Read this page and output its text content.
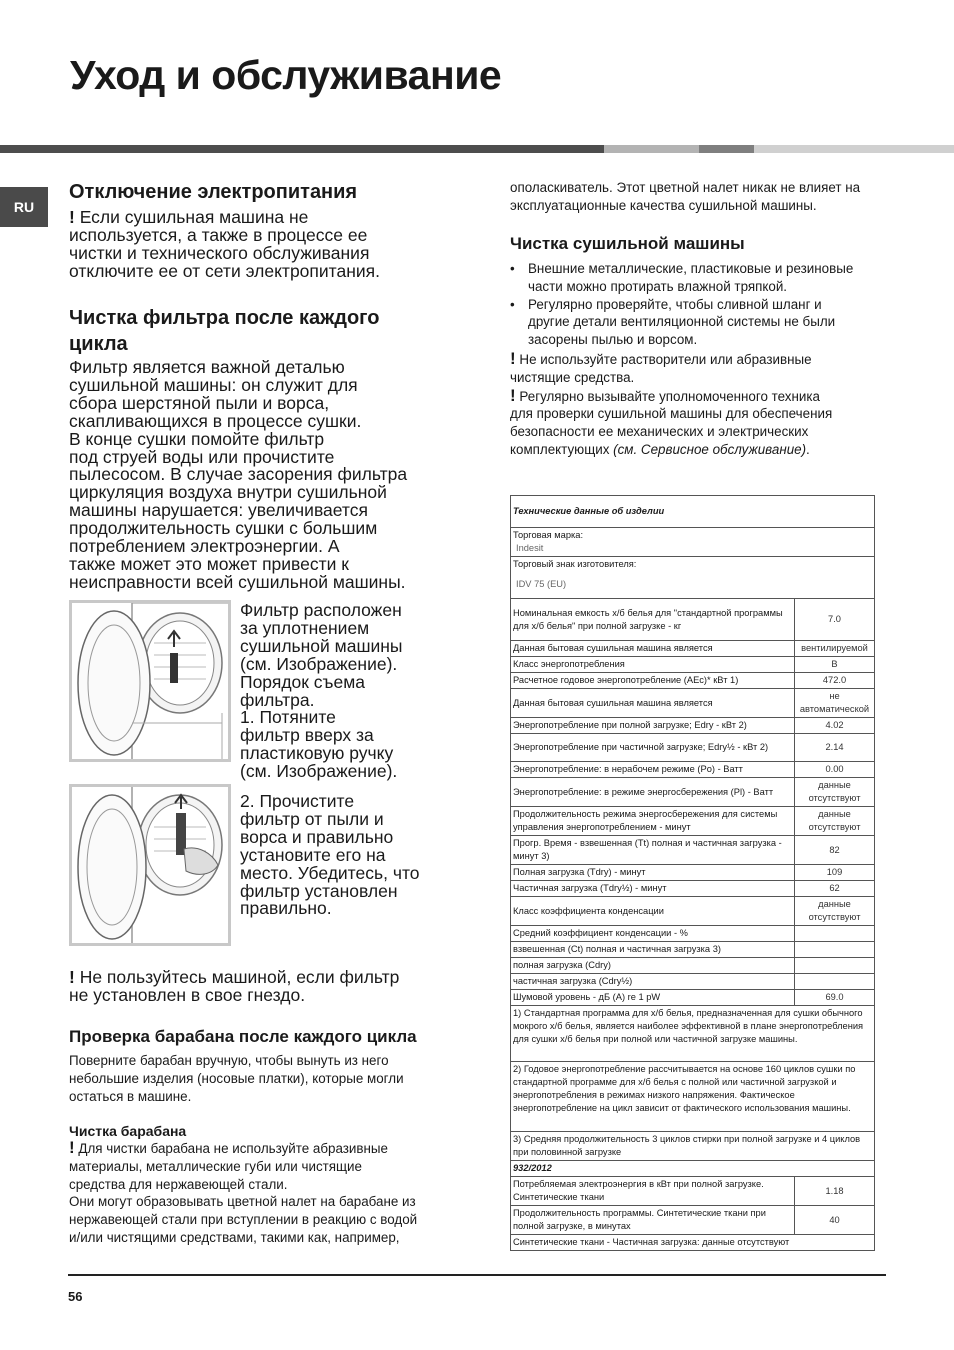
Уход и обслуживание
RU
Отключение электропитания
! Если сушильная машина не
используется, а также в процессе ее
чистки и технического обслуживания
отключите ее от сети электропитания.
Чистка фильтра после каждого
цикла
Фильтр является важной деталью
сушильной машины: он служит для
сбора шерстяной пыли и ворса,
скапливающихся в процессе сушки.
В конце сушки помойте фильтр
под струей воды или прочистите
пылесосом. В случае засорения фильтра
циркуляция воздуха внутри сушильной
машины нарушается: увеличивается
продолжительность сушки с большим
потреблением электроэнергии. А
также может это может привести к
неисправности всей сушильной машины.
Фильтр расположен
за уплотнением
сушильной машины
(см. Изображение).
Порядок съема
фильтра.
1. Потяните
фильтр вверх за
пластиковую ручку
(см. Изображение).
2. Прочистите
фильтр от пыли и
ворса и правильно
установите его на
место. Убедитесь, что
фильтр установлен
правильно.
! Не пользуйтесь машиной, если фильтр
не установлен в свое гнездо.
Проверка барабана после каждого цикла
Поверните барабан вручную, чтобы вынуть из него
небольшие изделия (носовые платки), которые могли
остаться в машине.
Чистка барабана
! Для чистки барабана не используйте абразивные
материалы, металлические губи или чистящие
средства для нержавеющей стали.
Они могут образовывать цветной налет на барабане из
нержавеющей стали при вступлении в реакцию с водой
и/или чистящими средствами, такими как, например,
ополаскиватель. Этот цветной налет никак не влияет на
эксплуатационные качества сушильной машины.
Чистка сушильной машины
• Внешние металлические, пластиковые и резиновые
части можно протирать влажной тряпкой.
• Регулярно проверяйте, чтобы сливной шланг и
другие детали вентиляционной системы не были
засорены пылью и ворсом.
! Не используйте растворители или абразивные
чистящие средства.
! Регулярно вызывайте уполномоченного техника
для проверки сушильной машины для обеспечения
безопасности ее механических и электрических
комплектующих (см. Сервисное обслуживание).
Технические данные об изделии	

Торговая марка:
Indesit	

Торговый знак изготовителя:
IDV 75 (EU)	

Номинальная емкость х/б белья для "стандартной программы для х/б белья" при полной загрузке - кг	7.0
Данная бытовая сушильная машина является	вентилируемой
Класс энергопотребления	B
Расчетное годовое энергопотребление (AEc)* кВт 1)	472.0
Данная бытовая сушильная машина является	не автоматической
Энергопотребление при полной загрузке; Edry - кВт 2)	4.02
Энергопотребление при частичной загрузке; Edry½ - кВт 2)	2.14
Энергопотребление: в нерабочем режиме (Po) - Ватт	0.00
Энергопотребление: в режиме энергосбережения (Pl) - Ватт	данные отсутствуют
Продолжительность режима энергосбережения для системы управления энергопотреблением - минут	данные отсутствуют
Прогр. Время - взвешенная (Tt) полная и частичная загрузка - минут 3)	82
Полная загрузка (Tdry) - минут	109
Частичная загрузка (Tdry½) - минут	62
Класс коэффициента конденсации	данные отсутствуют
Средний коэффициент конденсации - %	
взвешенная (Ct) полная и частичная загрузка 3)	
полная загрузка (Cdry)	
частичная загрузка (Cdry½)	
Шумовой уровень - дБ (A) re 1 pW	69.0
1) Стандартная программа для х/б белья, предназначенная для сушки обычного мокрого х/б белья, является наиболее эффективной в плане энергопотребления для сушки х/б белья при полной или частичной загрузке машины.	
2) Годовое энергопотребление рассчитывается на основе 160 циклов сушки по стандартной программе для х/б белья с полной или частичной загрузкой и энергопотребления в режимах низкого напряжения. Фактическое энергопотребление на цикл зависит от фактического использования машины.	
3) Средняя продолжительность 3 циклов стирки при полной загрузке и 4 циклов при половинной загрузке	
932/2012	
Потребляемая электроэнергия в кВт при полной загрузке. Синтетические ткани	1.18
Продолжительность программы. Синтетические ткани при полной загрузке, в минутах	40
Синтетические ткани - Частичная загрузка: данные отсутствуют	
56
